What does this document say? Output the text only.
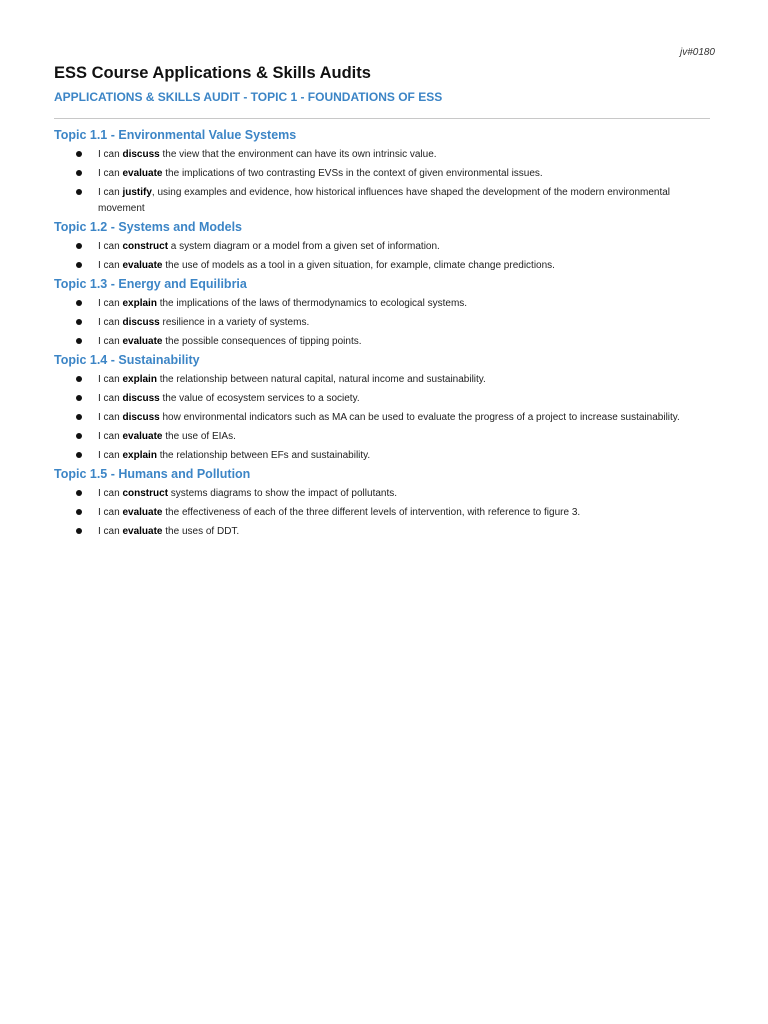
jv#0180
ESS Course Applications & Skills Audits
APPLICATIONS & SKILLS AUDIT - TOPIC 1 - FOUNDATIONS OF ESS
Topic 1.1 - Environmental Value Systems
I can discuss the view that the environment can have its own intrinsic value.
I can evaluate the implications of two contrasting EVSs in the context of given environmental issues.
I can justify, using examples and evidence, how historical influences have shaped the development of the modern environmental movement
Topic 1.2 - Systems and Models
I can construct a system diagram or a model from a given set of information.
I can evaluate the use of models as a tool in a given situation, for example, climate change predictions.
Topic 1.3 - Energy and Equilibria
I can explain the implications of the laws of thermodynamics to ecological systems.
I can discuss resilience in a variety of systems.
I can evaluate the possible consequences of tipping points.
Topic 1.4 - Sustainability
I can explain the relationship between natural capital, natural income and sustainability.
I can discuss the value of ecosystem services to a society.
I can discuss how environmental indicators such as MA can be used to evaluate the progress of a project to increase sustainability.
I can evaluate the use of EIAs.
I can explain the relationship between EFs and sustainability.
Topic 1.5 - Humans and Pollution
I can construct systems diagrams to show the impact of pollutants.
I can evaluate the effectiveness of each of the three different levels of intervention, with reference to figure 3.
I can evaluate the uses of DDT.
